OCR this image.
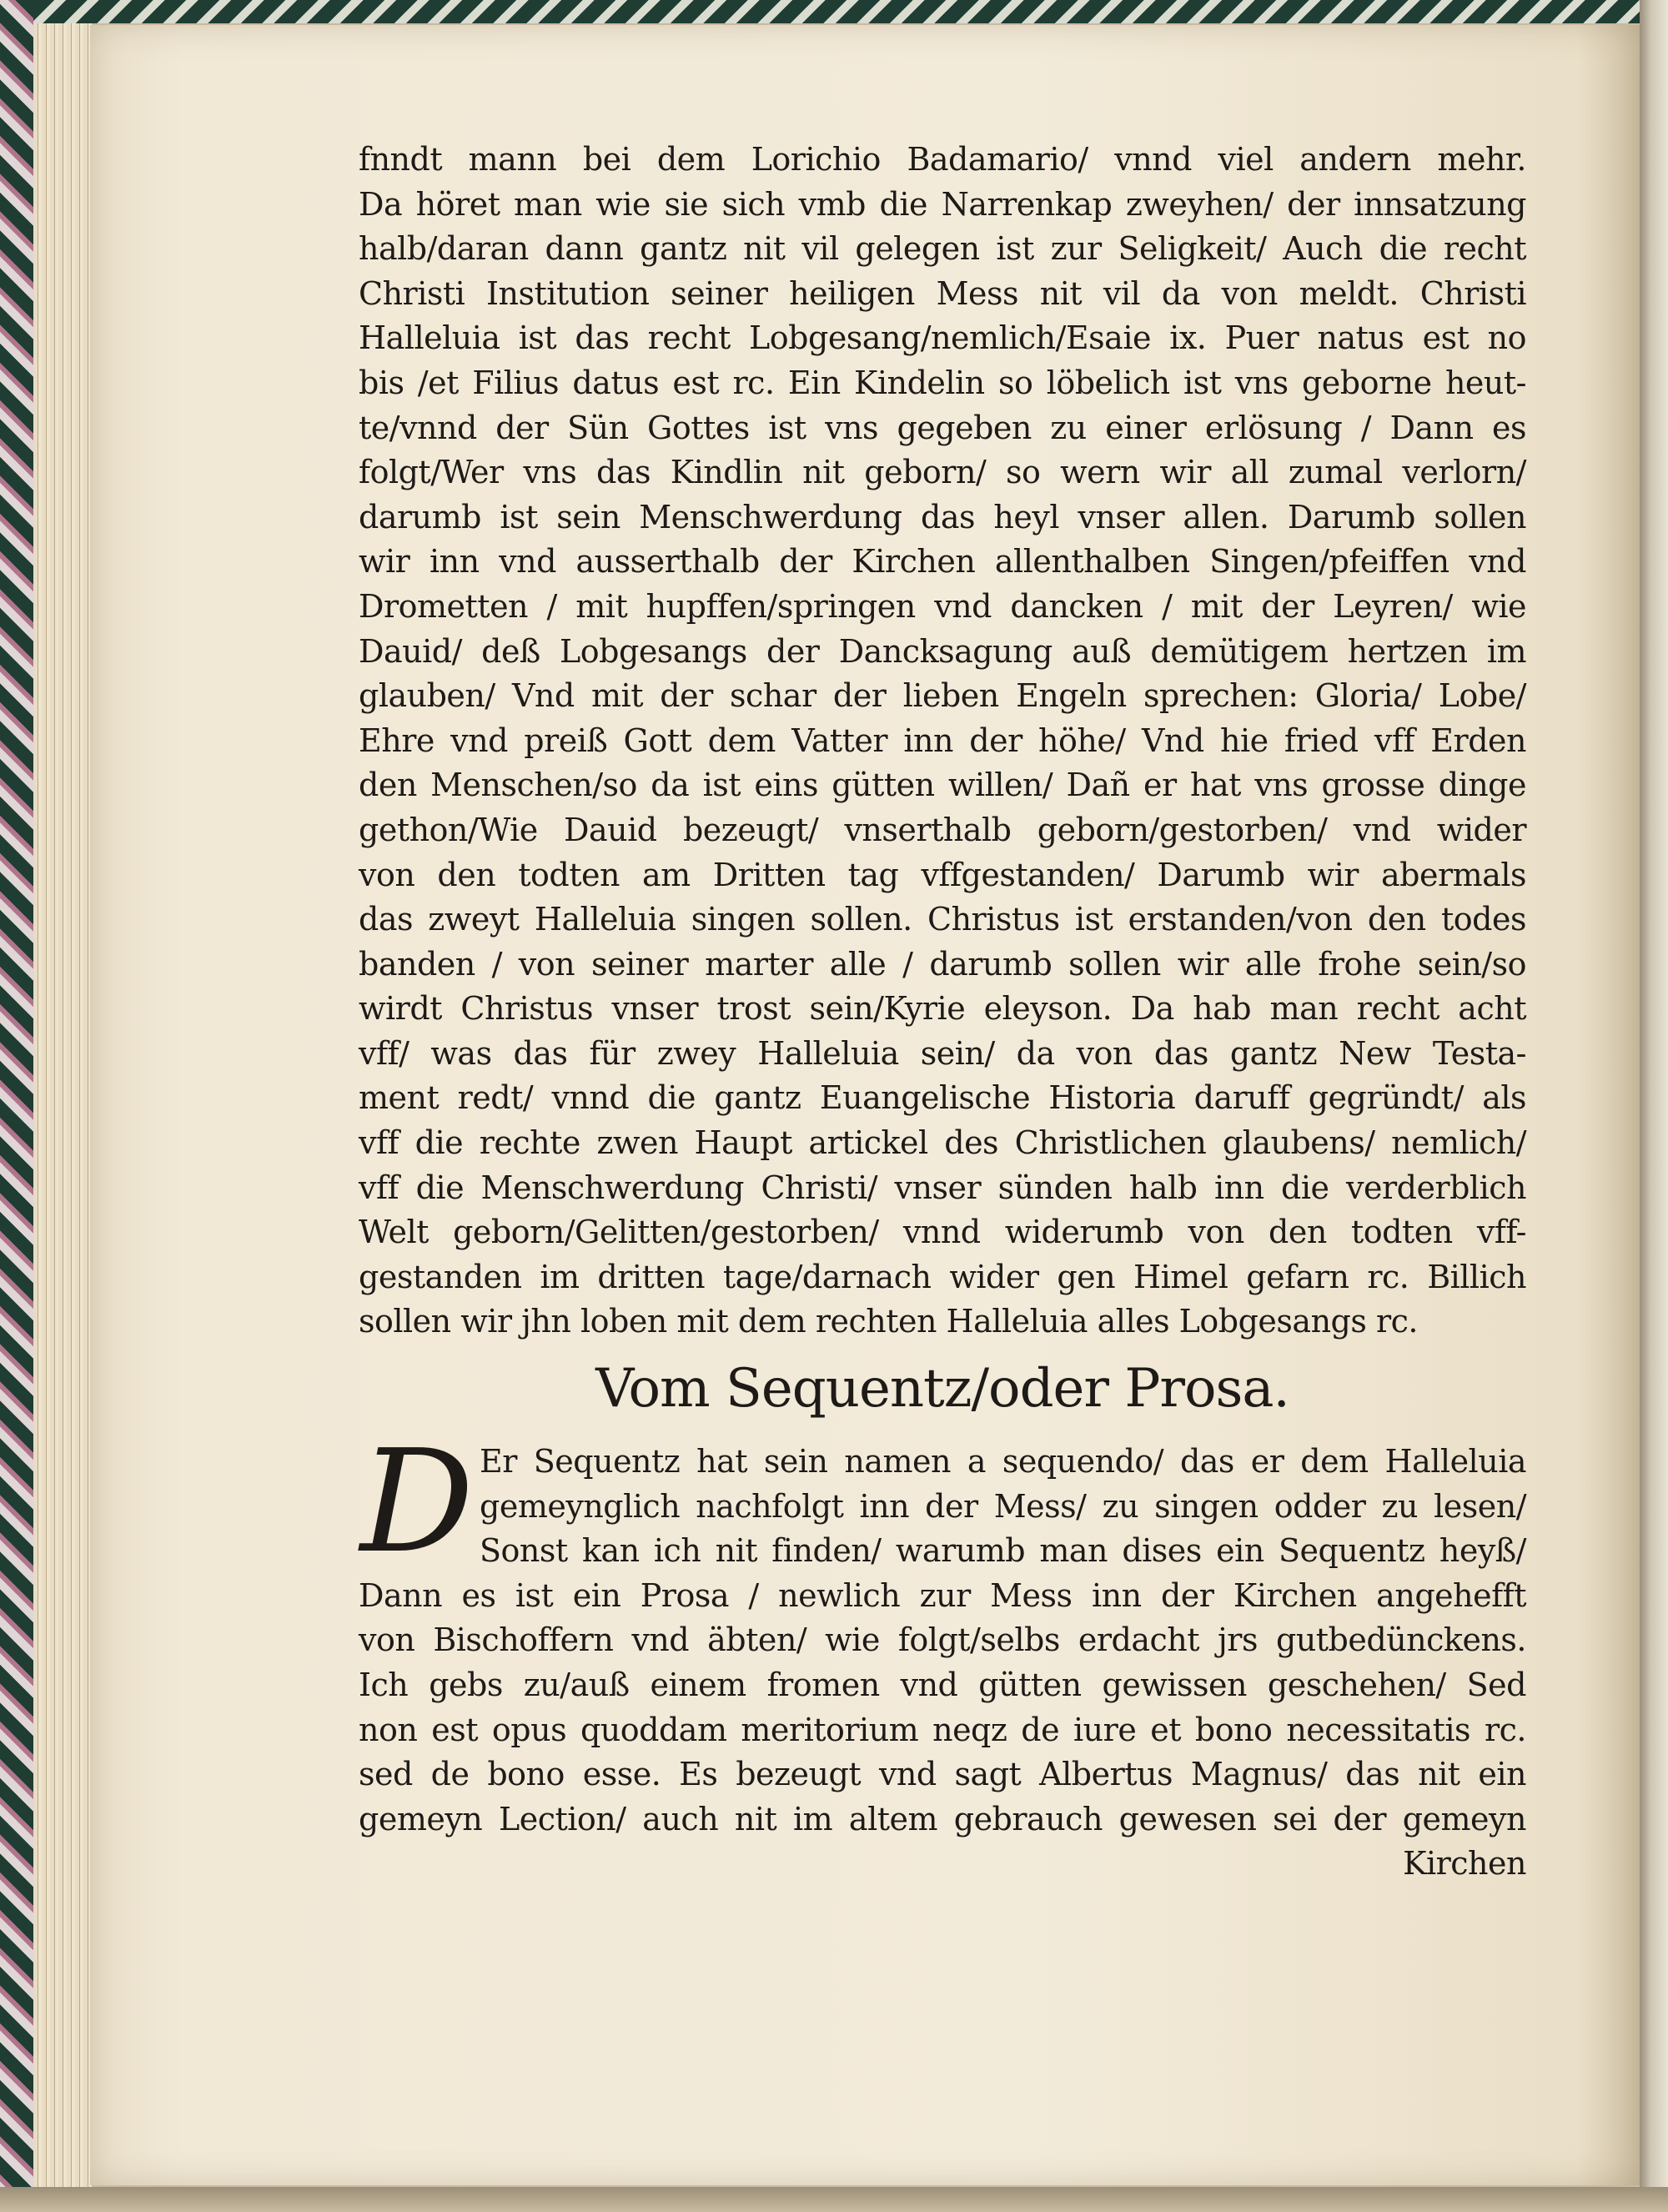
fnndt mann bei dem Lorichio Badamario/ vnnd viel andern mehr.
Da höret man wie sie sich vmb die Narrenkap zweyhen/ der innsatzung
halb/daran dann gantz nit vil gelegen ist zur Seligkeit/ Auch die recht
Christi Institution seiner heiligen Mess nit vil da von meldt. Christi
Halleluia ist das recht Lobgesang/nemlich/Esaie ix. Puer natus est no
bis /et Filius datus est rc. Ein Kindelin so löbelich ist vns geborne heut-
te/vnnd der Sün Gottes ist vns gegeben zu einer erlösung / Dann es
folgt/Wer vns das Kindlin nit geborn/ so wern wir all zumal verlorn/
darumb ist sein Menschwerdung das heyl vnser allen. Darumb sollen
wir inn vnd ausserthalb der Kirchen allenthalben Singen/pfeiffen vnd
Drometten / mit hupffen/springen vnd dancken / mit der Leyren/ wie
Dauid/ deß Lobgesangs der Dancksagung auß demütigem hertzen im
glauben/ Vnd mit der schar der lieben Engeln sprechen: Gloria/ Lobe/
Ehre vnd preiß Gott dem Vatter inn der höhe/ Vnd hie fried vff Erden
den Menschen/so da ist eins gütten willen/ Dañ er hat vns grosse dinge
gethon/Wie Dauid bezeugt/ vnserthalb geborn/gestorben/ vnd wider
von den todten am Dritten tag vffgestanden/ Darumb wir abermals
das zweyt Halleluia singen sollen. Christus ist erstanden/von den todes
banden / von seiner marter alle / darumb sollen wir alle frohe sein/so
wirdt Christus vnser trost sein/Kyrie eleyson. Da hab man recht acht
vff/ was das für zwey Halleluia sein/ da von das gantz New Testa-
ment redt/ vnnd die gantz Euangelische Historia daruff gegründt/ als
vff die rechte zwen Haupt artickel des Christlichen glaubens/ nemlich/
vff die Menschwerdung Christi/ vnser sünden halb inn die verderblich
Welt geborn/Gelitten/gestorben/ vnnd widerumb von den todten vff-
gestanden im dritten tage/darnach wider gen Himel gefarn rc. Billich
sollen wir jhn loben mit dem rechten Halleluia alles Lobgesangs rc.
Vom Sequentz/oder Prosa.
D Er Sequentz hat sein namen a sequendo/ das er dem Halleluia
gemeynglich nachfolgt inn der Mess/ zu singen odder zu lesen/
Sonst kan ich nit finden/ warumb man dises ein Sequentz heyß/
Dann es ist ein Prosa / newlich zur Mess inn der Kirchen angehefft
von Bischoffern vnd äbten/ wie folgt/selbs erdacht jrs gutbedünckens.
Ich gebs zu/auß einem fromen vnd gütten gewissen geschehen/ Sed
non est opus quoddam meritorium neqz de iure et bono necessitatis rc.
sed de bono esse. Es bezeugt vnd sagt Albertus Magnus/ das nit ein
gemeyn Lection/ auch nit im altem gebrauch gewesen sei der gemeyn
Kirchen
